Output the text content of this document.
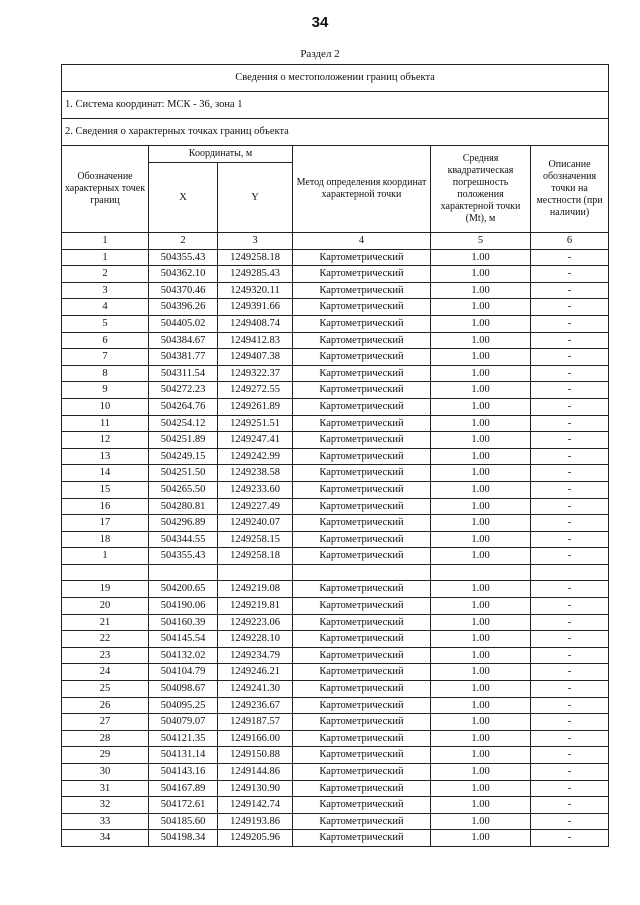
34
Раздел 2
Сведения о местоположении границ объекта					
1. Система координат: МСК - 36, зона 1					
2. Сведения о характерных точках границ объекта					
Обозначение характерных точек границ	Координаты, м		Метод определения координат характерной точки	Средняя квадратическая погрешность положения характерной точки (Mt), м	Описание обозначения точки на местности (при наличии)
	X	Y			
1	2	3	4	5	6
1	504355.43	1249258.18	Картометрический	1.00	-
2	504362.10	1249285.43	Картометрический	1.00	-
3	504370.46	1249320.11	Картометрический	1.00	-
4	504396.26	1249391.66	Картометрический	1.00	-
5	504405.02	1249408.74	Картометрический	1.00	-
6	504384.67	1249412.83	Картометрический	1.00	-
7	504381.77	1249407.38	Картометрический	1.00	-
8	504311.54	1249322.37	Картометрический	1.00	-
9	504272.23	1249272.55	Картометрический	1.00	-
10	504264.76	1249261.89	Картометрический	1.00	-
11	504254.12	1249251.51	Картометрический	1.00	-
12	504251.89	1249247.41	Картометрический	1.00	-
13	504249.15	1249242.99	Картометрический	1.00	-
14	504251.50	1249238.58	Картометрический	1.00	-
15	504265.50	1249233.60	Картометрический	1.00	-
16	504280.81	1249227.49	Картометрический	1.00	-
17	504296.89	1249240.07	Картометрический	1.00	-
18	504344.55	1249258.15	Картометрический	1.00	-
1	504355.43	1249258.18	Картометрический	1.00	-

19	504200.65	1249219.08	Картометрический	1.00	-
20	504190.06	1249219.81	Картометрический	1.00	-
21	504160.39	1249223.06	Картометрический	1.00	-
22	504145.54	1249228.10	Картометрический	1.00	-
23	504132.02	1249234.79	Картометрический	1.00	-
24	504104.79	1249246.21	Картометрический	1.00	-
25	504098.67	1249241.30	Картометрический	1.00	-
26	504095.25	1249236.67	Картометрический	1.00	-
27	504079.07	1249187.57	Картометрический	1.00	-
28	504121.35	1249166.00	Картометрический	1.00	-
29	504131.14	1249150.88	Картометрический	1.00	-
30	504143.16	1249144.86	Картометрический	1.00	-
31	504167.89	1249130.90	Картометрический	1.00	-
32	504172.61	1249142.74	Картометрический	1.00	-
33	504185.60	1249193.86	Картометрический	1.00	-
34	504198.34	1249205.96	Картометрический	1.00	-
